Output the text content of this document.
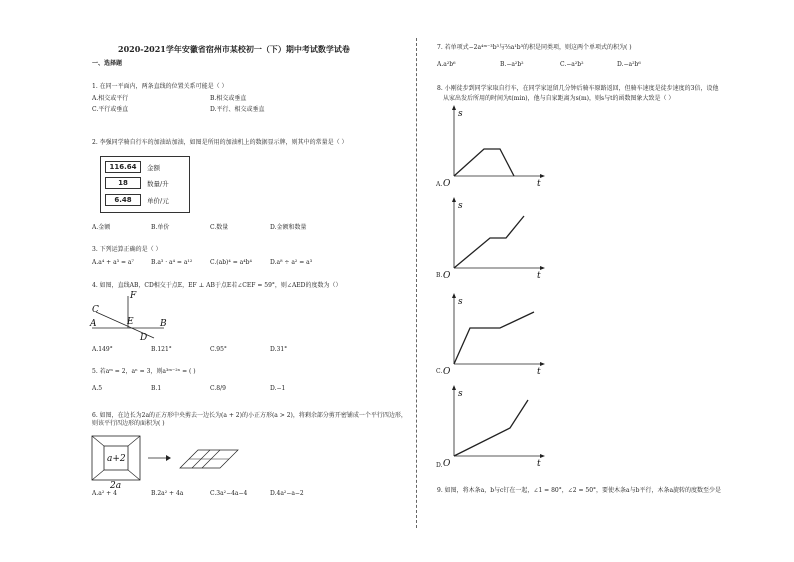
2020-2021学年安徽省宿州市某校初一（下）期中考试数学试卷
一、选择题
1. 在同一平面内，两条直线的位置关系可能是（ ）
A.相交或平行	B.相交或垂直
C.平行或垂直	D.平行、相交或垂直
2. 李强同学骑自行车的加油站加油，如图是所用的加油机上的数据显示牌，则其中的常量是（ ）
116.64	金额
18	数量/升
6.48	单价/元
A.金额	B.单价	C.数量	D.金额和数量
3. 下列运算正确的是（ ）
A.a⁴ + a³ = a⁷	B.a³ · a⁴ = a¹²	C.(ab)⁴ = a⁴b⁴	D.a⁸ ÷ a² = a³
4. 如图，直线AB，CD相交于点E，EF ⊥ AB于点E若∠CEF = 59°，则∠AED的度数为（）
C
F
A	E	B
D
A.149°	B.121°	C.95°	D.31°
5. 若aᵐ = 2，aⁿ = 3，则a³ᵐ⁻²ⁿ = ( )
A.5	B.1	C.8/9	D.−1
6. 如图，在边长为2a的正方形中央剪去一边长为(a + 2)的小正方形(a > 2)，将剩余部分剪开密铺成一个平行四边形，则该平行四边形的面积为( )
a+2
2a
A.a² + 4	B.2a² + 4a	C.3a²−4a−4	D.4a²−a−2
7. 若单项式−2a⁴ᵐ⁻³b³与⅔a¹b³的积是同类项，则这两个单项式的积为( )
A.a²b⁶	B.−a²b²	C.−a²b²	D.−a²b⁶
8. 小刚徒步到同学家取自行车，在同学家逗留几分钟后骑车原路返回，但骑车速度是徒步速度的3倍，设他
从家出发后所用的时间为t(min)，他与自家距离为s(m)，则s与t的函数图象大致是（ ）
s
t
O
A.
s
t
O
B.
s
t
O
C.
s
t
O
D.
9. 如图，将木条a，b与c钉在一起，∠1 = 80°，∠2 = 50°，要使木条a与b平行，木条a旋转的度数至少是
